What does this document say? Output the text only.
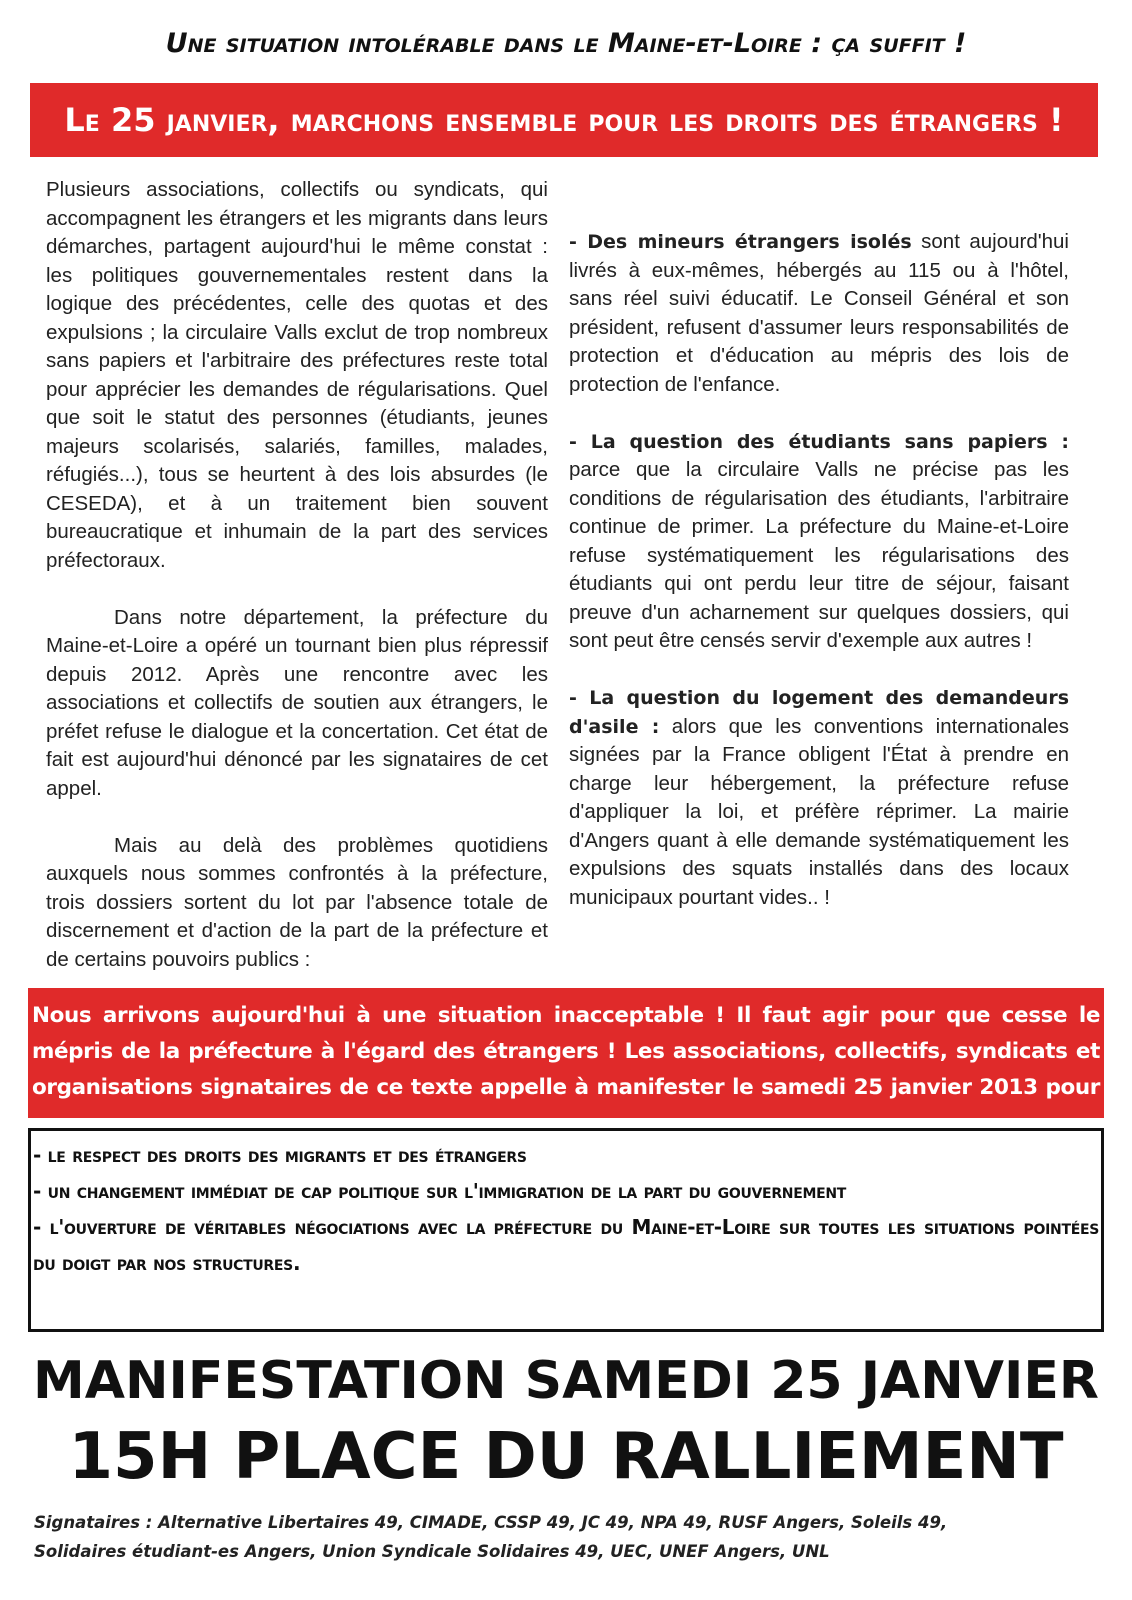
Une situation intolérable dans le Maine-et-Loire : ça suffit !
Le 25 janvier, marchons ensemble pour les droits des étrangers !

Plusieurs associations, collectifs ou syndicats, qui accompagnent les étrangers et les migrants dans leurs démarches, partagent aujourd'hui le même constat : les politiques gouvernementales restent dans la logique des précédentes, celle des quotas et des expulsions ; la circulaire Valls exclut de trop nombreux sans papiers et l'arbitraire des préfectures reste total pour apprécier les demandes de régularisations. Quel que soit le statut des personnes (étudiants, jeunes majeurs scolarisés, salariés, familles, malades, réfugiés...), tous se heurtent à des lois absurdes (le CESEDA), et à un traitement bien souvent bureaucratique et inhumain de la part des services préfectoraux.

Dans notre département, la préfecture du Maine-et-Loire a opéré un tournant bien plus répressif depuis 2012. Après une rencontre avec les associations et collectifs de soutien aux étrangers, le préfet refuse le dialogue et la concertation. Cet état de fait est aujourd'hui dénoncé par les signataires de cet appel.

Mais au delà des problèmes quotidiens auxquels nous sommes confrontés à la préfecture, trois dossiers sortent du lot par l'absence totale de discernement et d'action de la part de la préfecture et de certains pouvoirs publics :

- Des mineurs étrangers isolés sont aujourd'hui livrés à eux-mêmes, hébergés au 115 ou à l'hôtel, sans réel suivi éducatif. Le Conseil Général et son président, refusent d'assumer leurs responsabilités de protection et d'éducation au mépris des lois de protection de l'enfance.

- La question des étudiants sans papiers : parce que la circulaire Valls ne précise pas les conditions de régularisation des étudiants, l'arbitraire continue de primer. La préfecture du Maine-et-Loire refuse systématiquement les régularisations des étudiants qui ont perdu leur titre de séjour, faisant preuve d'un acharnement sur quelques dossiers, qui sont peut être censés servir d'exemple aux autres !

- La question du logement des demandeurs d'asile : alors que les conventions internationales signées par la France obligent l'État à prendre en charge leur hébergement, la préfecture refuse d'appliquer la loi, et préfère réprimer. La mairie d'Angers quant à elle demande systématiquement les expulsions des squats installés dans des locaux municipaux pourtant vides.. !

Nous arrivons aujourd'hui à une situation inacceptable ! Il faut agir pour que cesse le mépris de la préfecture à l'égard des étrangers ! Les associations, collectifs, syndicats et organisations signataires de ce texte appelle à manifester le samedi 25 janvier 2013 pour :
- le respect des droits des migrants et des étrangers
- un changement immédiat de cap politique sur l'immigration de la part du gouvernement
- l'ouverture de véritables négociations avec la préfecture du Maine-et-Loire sur toutes les situations pointées du doigt par nos structures.
MANIFESTATION SAMEDI 25 JANVIER
15H PLACE DU RALLIEMENT
Signataires : Alternative Libertaires 49, CIMADE, CSSP 49, JC 49, NPA 49, RUSF Angers, Soleils 49, Solidaires étudiant-es Angers, Union Syndicale Solidaires 49, UEC, UNEF Angers, UNL
